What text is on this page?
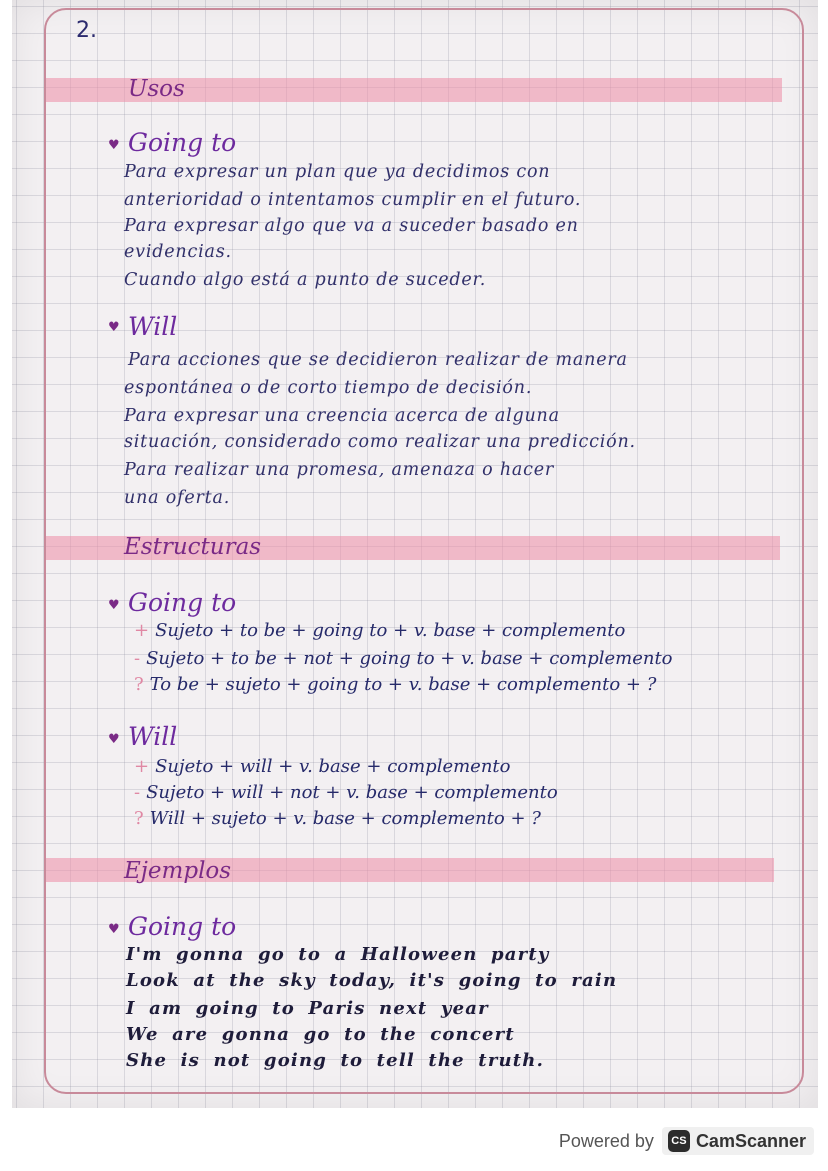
2.
Usos
♥ Going to
Para expresar un plan que ya decidimos con
anterioridad o intentamos cumplir en el futuro.
Para expresar algo que va a suceder basado en
evidencias.
Cuando algo está a punto de suceder.
♥ Will
Para acciones que se decidieron realizar de manera
espontánea o de corto tiempo de decisión.
Para expresar una creencia acerca de alguna
situación, considerado como realizar una predicción.
Para realizar una promesa, amenaza o hacer
una oferta.
Estructuras
♥ Going to
+ Sujeto + to be + going to + v. base + complemento
- Sujeto + to be + not + going to + v. base + complemento
? To be + sujeto + going to + v. base + complemento + ?
♥ Will
+ Sujeto + will + v. base + complemento
- Sujeto + will + not + v. base + complemento
? Will + sujeto + v. base + complemento + ?
Ejemplos
♥ Going to
I'm gonna go to a Halloween party
Look at the sky today, it's going to rain
I am going to Paris next year
We are gonna go to the concert
She is not going to tell the truth.
Powered by	CS CamScanner
